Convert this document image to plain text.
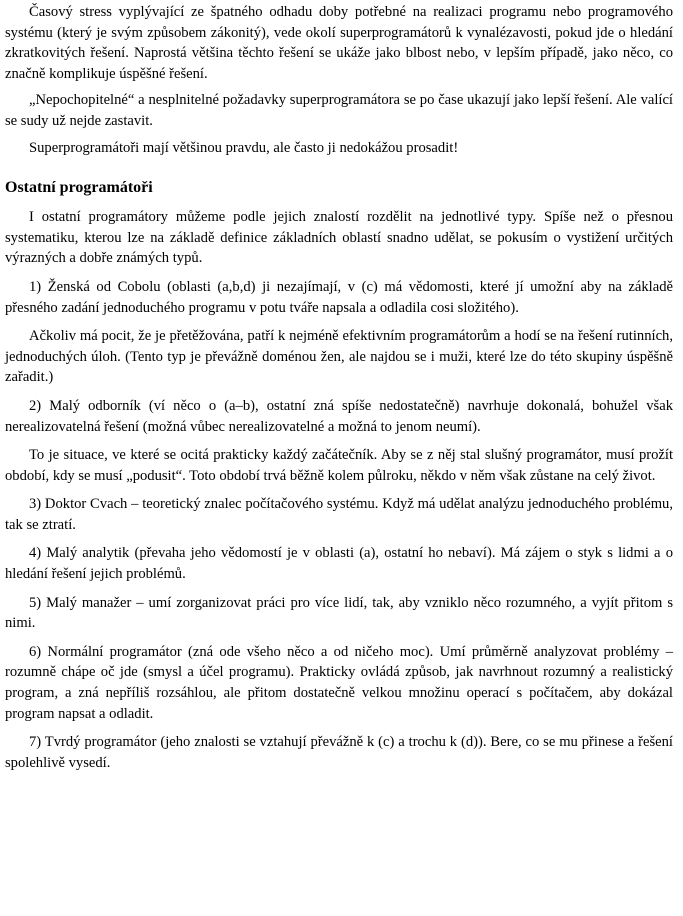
Časový stress vyplývající ze špatného odhadu doby potřebné na realizaci programu nebo programového systému (který je svým způsobem zákonitý), vede okolí superprogramátorů k vynalézavosti, pokud jde o hledání zkratkovitých řešení. Naprostá většina těchto řešení se ukáže jako blbost nebo, v lepším případě, jako něco, co značně komplikuje úspěšné řešení.

„Nepochopitelné“ a nesplnitelné požadavky superprogramátora se po čase ukazují jako lepší řešení. Ale valící se sudy už nejde zastavit.

Superprogramátoři mají většinou pravdu, ale často ji nedokážou prosadit!

Ostatní programátoři

I ostatní programátory můžeme podle jejich znalostí rozdělit na jednotlivé typy. Spíše než o přesnou systematiku, kterou lze na základě definice základních oblastí snadno udělat, se pokusím o vystižení určitých výrazných a dobře známých typů.

1) Ženská od Cobolu (oblasti (a,b,d) ji nezajímají, v (c) má vědomosti, které jí umožní aby na základě přesného zadání jednoduchého programu v potu tváře napsala a odladila cosi složitého).

Ačkoliv má pocit, že je přetěžována, patří k nejméně efektivním programátorům a hodí se na řešení rutinních, jednoduchých úloh. (Tento typ je převážně doménou žen, ale najdou se i muži, které lze do této skupiny úspěšně zařadit.)

2) Malý odborník (ví něco o (a–b), ostatní zná spíše nedostatečně) navrhuje dokonalá, bohužel však nerealizovatelná řešení (možná vůbec nerealizovatelné a možná to jenom neumí).

To je situace, ve které se ocitá prakticky každý začátečník. Aby se z něj stal slušný programátor, musí prožít období, kdy se musí „podusit“. Toto období trvá běžně kolem půlroku, někdo v něm však zůstane na celý život.

3) Doktor Cvach – teoretický znalec počítačového systému. Když má udělat analýzu jednoduchého problému, tak se ztratí.

4) Malý analytik (převaha jeho vědomostí je v oblasti (a), ostatní ho nebaví). Má zájem o styk s lidmi a o hledání řešení jejich problémů.

5) Malý manažer – umí zorganizovat práci pro více lidí, tak, aby vzniklo něco rozumného, a vyjít přitom s nimi.

6) Normální programátor (zná ode všeho něco a od ničeho moc). Umí průměrně analyzovat problémy – rozumně chápe oč jde (smysl a účel programu). Prakticky ovládá způsob, jak navrhnout rozumný a realistický program, a zná nepříliš rozsáhlou, ale přitom dostatečně velkou množinu operací s počítačem, aby dokázal program napsat a odladit.

7) Tvrdý programátor (jeho znalosti se vztahují převážně k (c) a trochu k (d)). Bere, co se mu přinese a řešení spolehlivě vysedí.
